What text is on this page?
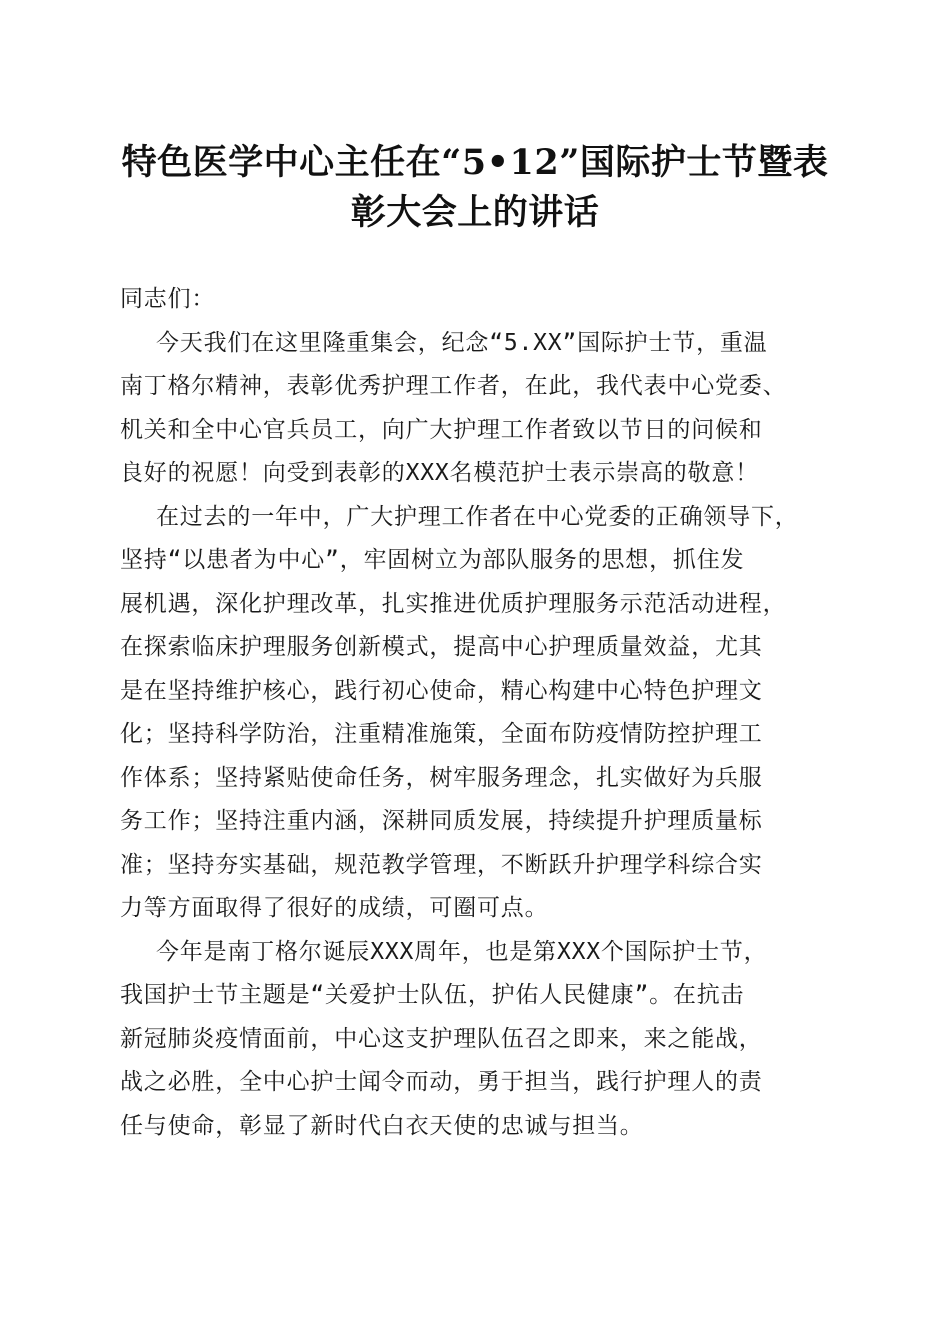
特色医学中心主任在“5•12”国际护士节暨表
彰大会上的讲话

同志们：

今天我们在这里隆重集会，纪念“5.XX”国际护士节，重温
南丁格尔精神，表彰优秀护理工作者，在此，我代表中心党委、
机关和全中心官兵员工，向广大护理工作者致以节日的问候和
良好的祝愿！向受到表彰的XXX名模范护士表示崇高的敬意！

在过去的一年中，广大护理工作者在中心党委的正确领导下，
坚持“以患者为中心”，牢固树立为部队服务的思想，抓住发
展机遇，深化护理改革，扎实推进优质护理服务示范活动进程，
在探索临床护理服务创新模式，提高中心护理质量效益，尤其
是在坚持维护核心，践行初心使命，精心构建中心特色护理文
化；坚持科学防治，注重精准施策，全面布防疫情防控护理工
作体系；坚持紧贴使命任务，树牢服务理念，扎实做好为兵服
务工作；坚持注重内涵，深耕同质发展，持续提升护理质量标
准；坚持夯实基础，规范教学管理，不断跃升护理学科综合实
力等方面取得了很好的成绩，可圈可点。

今年是南丁格尔诞辰XXX周年，也是第XXX个国际护士节，
我国护士节主题是“关爱护士队伍，护佑人民健康”。在抗击
新冠肺炎疫情面前，中心这支护理队伍召之即来，来之能战，
战之必胜，全中心护士闻令而动，勇于担当，践行护理人的责
任与使命，彰显了新时代白衣天使的忠诚与担当。
